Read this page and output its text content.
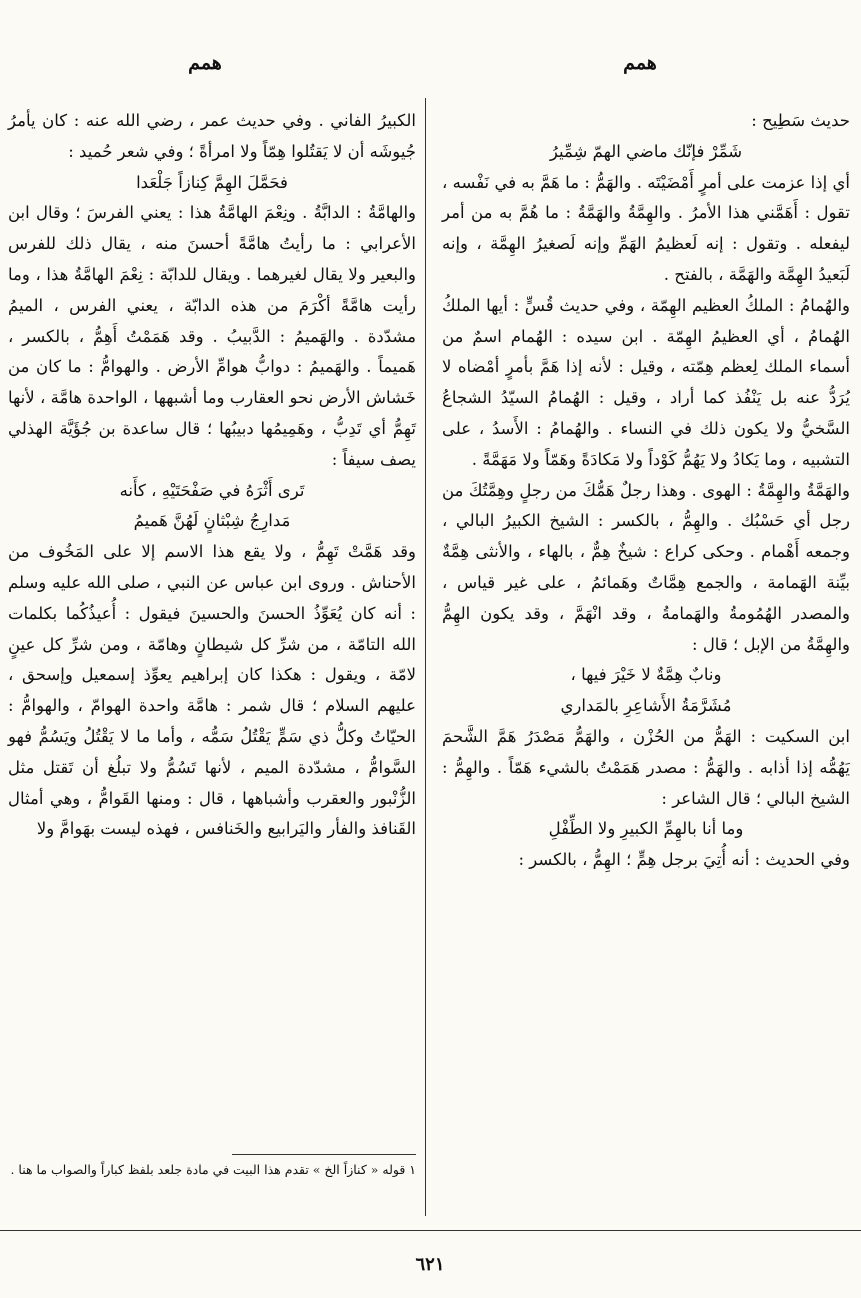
همم
همم

حديث سَطِيح :

شَمِّرْ فإنّك ماضي الهمّ شِمِّيرُ

أي إذا عزمت على أمرٍ أَمْضَيْتَه . والهَمُّ : ما هَمَّ به في نَفْسه ، تقول : أَهَمَّني هذا الأمرُ . والهِمَّةُ والهَمَّةُ : ما هُمَّ به من أمر ليفعله . وتقول : إنه لَعظيمُ الهَمِّ وإنه لَصغيرُ الهِمَّة ، وإنه لَبَعيدُ الهِمَّة والهَمَّة ، بالفتح .

والهُمامُ : الملكُ العظيم الهِمّة ، وفي حديث قُسٍّ : أيها الملكُ الهُمامُ ، أي العظيمُ الهِمّة . ابن سيده : الهُمام اسمٌ من أسماء الملك لِعظم هِمّته ، وقيل : لأنه إذا هَمَّ بأمرٍ أمْضاه لا يُرَدُّ عنه بل يَنْفُذ كما أراد ، وقيل : الهُمامُ السيّدُ الشجاعُ السَّخيُّ ولا يكون ذلك في النساء . والهُمامُ : الأَسدُ ، على التشبيه ، وما يَكادُ ولا يَهُمُّ كَوْداً ولا مَكادَةً وهَمّاً ولا مَهَمَّةً .

والهَمَّةُ والهِمَّةُ : الهوى . وهذا رجلٌ هَمُّكَ من رجلٍ وهِمَّتُكَ من رجل أي حَسْبُك . والهِمُّ ، بالكسر : الشيخ الكبيرُ البالي ، وجمعه أَهْمام . وحكى كراع : شيخٌ هِمٌّ ، بالهاء ، والأنثى هِمَّةٌ بيِّنة الهَمامة ، والجمع هِمَّاتٌ وهَمائمُ ، على غير قياس ، والمصدر الهُمُومةُ والهَمامةُ ، وقد انْهَمَّ ، وقد يكون الهِمُّ والهِمَّةُ من الإبل ؛ قال :

ونابٌ هِمَّةٌ لا خَيْرَ فيها ،

مُشَرَّمَةُ الأَشاعِرِ بالمَداري

ابن السكيت : الهَمُّ من الحُزْن ، والهَمُّ مَصْدَرُ هَمَّ الشَّحمَ يَهُمُّه إذا أذابه . والهَمُّ : مصدر هَمَمْتُ بالشيء هَمّاً . والهِمُّ : الشيخ البالي ؛ قال الشاعر :

وما أنا بالهِمِّ الكبيرِ ولا الطِّفْلِ

وفي الحديث : أنه أُتِيَ برجل هِمٍّ ؛ الهِمُّ ، بالكسر :

الكبيرُ الفاني . وفي حديث عمر ، رضي الله عنه : كان يأمرُ جُيوشَه أن لا يَقتُلوا هِمّاً ولا امرأةً ؛ وفي شعر حُميد :

فحَمَّلَ الهِمَّ كِنازاً جَلْعَدا

والهامَّةُ : الدابَّةُ . ونِعْمَ الهامَّةُ هذا : يعني الفرسَ ؛ وقال ابن الأعرابي : ما رأيتُ هامَّةً أحسنَ منه ، يقال ذلك للفرس والبعير ولا يقال لغيرهما . ويقال للدابّة : نِعْمَ الهامَّةُ هذا ، وما رأيت هامَّةً أكْرَمَ من هذه الدابّة ، يعني الفرس ، الميمُ مشدّدة . والهَميمُ : الدَّبيبُ . وقد هَمَمْتُ أَهِمُّ ، بالكسر ، هَميماً . والهَميمُ : دوابُّ هوامِّ الأرض . والهوامُّ : ما كان من خَشاش الأرض نحو العقارب وما أشبهها ، الواحدة هامَّة ، لأنها تَهِمُّ أي تَدِبُّ ، وهَمِيمُها دبيبُها ؛ قال ساعدة بن جُؤَيَّة الهذلي يصف سيفاً :

تَرى أَثْرَهُ في صَفْحَتَيْهِ ، كأَنه

مَدارِجُ شِبْثانٍ لَهُنَّ هَميمُ

وقد هَمَّتْ تَهِمُّ ، ولا يقع هذا الاسم إلا على المَخُوف من الأحناش . وروى ابن عباس عن النبي ، صلى الله عليه وسلم : أنه كان يُعَوِّذُ الحسنَ والحسينَ فيقول : أُعيذُكُما بكلمات الله التامّة ، من شرِّ كل شيطانٍ وهامّة ، ومن شرِّ كل عينٍ لامّة ، ويقول : هكذا كان إبراهيم يعوِّذ إسمعيل وإسحق ، عليهم السلام ؛ قال شمر : هامَّة واحدة الهوامّ ، والهوامُّ : الحيّاتُ وكلُّ ذي سَمٍّ يَقْتُلُ سَمُّه ، وأما ما لا يَقْتُلُ ويَسُمُّ فهو السَّوامُّ ، مشدّدة الميم ، لأنها تَسُمُّ ولا تبلُغ أن تَقتل مثل الزُّنْبور والعقرب وأشباهها ، قال : ومنها القَوامُّ ، وهي أمثال القَنافذ والفأر واليَرابيع والخَنافس ، فهذه ليست بهَوامَّ ولا

١ قوله « كنازاً الخ » تقدم هذا البيت في مادة جلعد بلفظ كباراً والصواب ما هنا .
٦٢١
